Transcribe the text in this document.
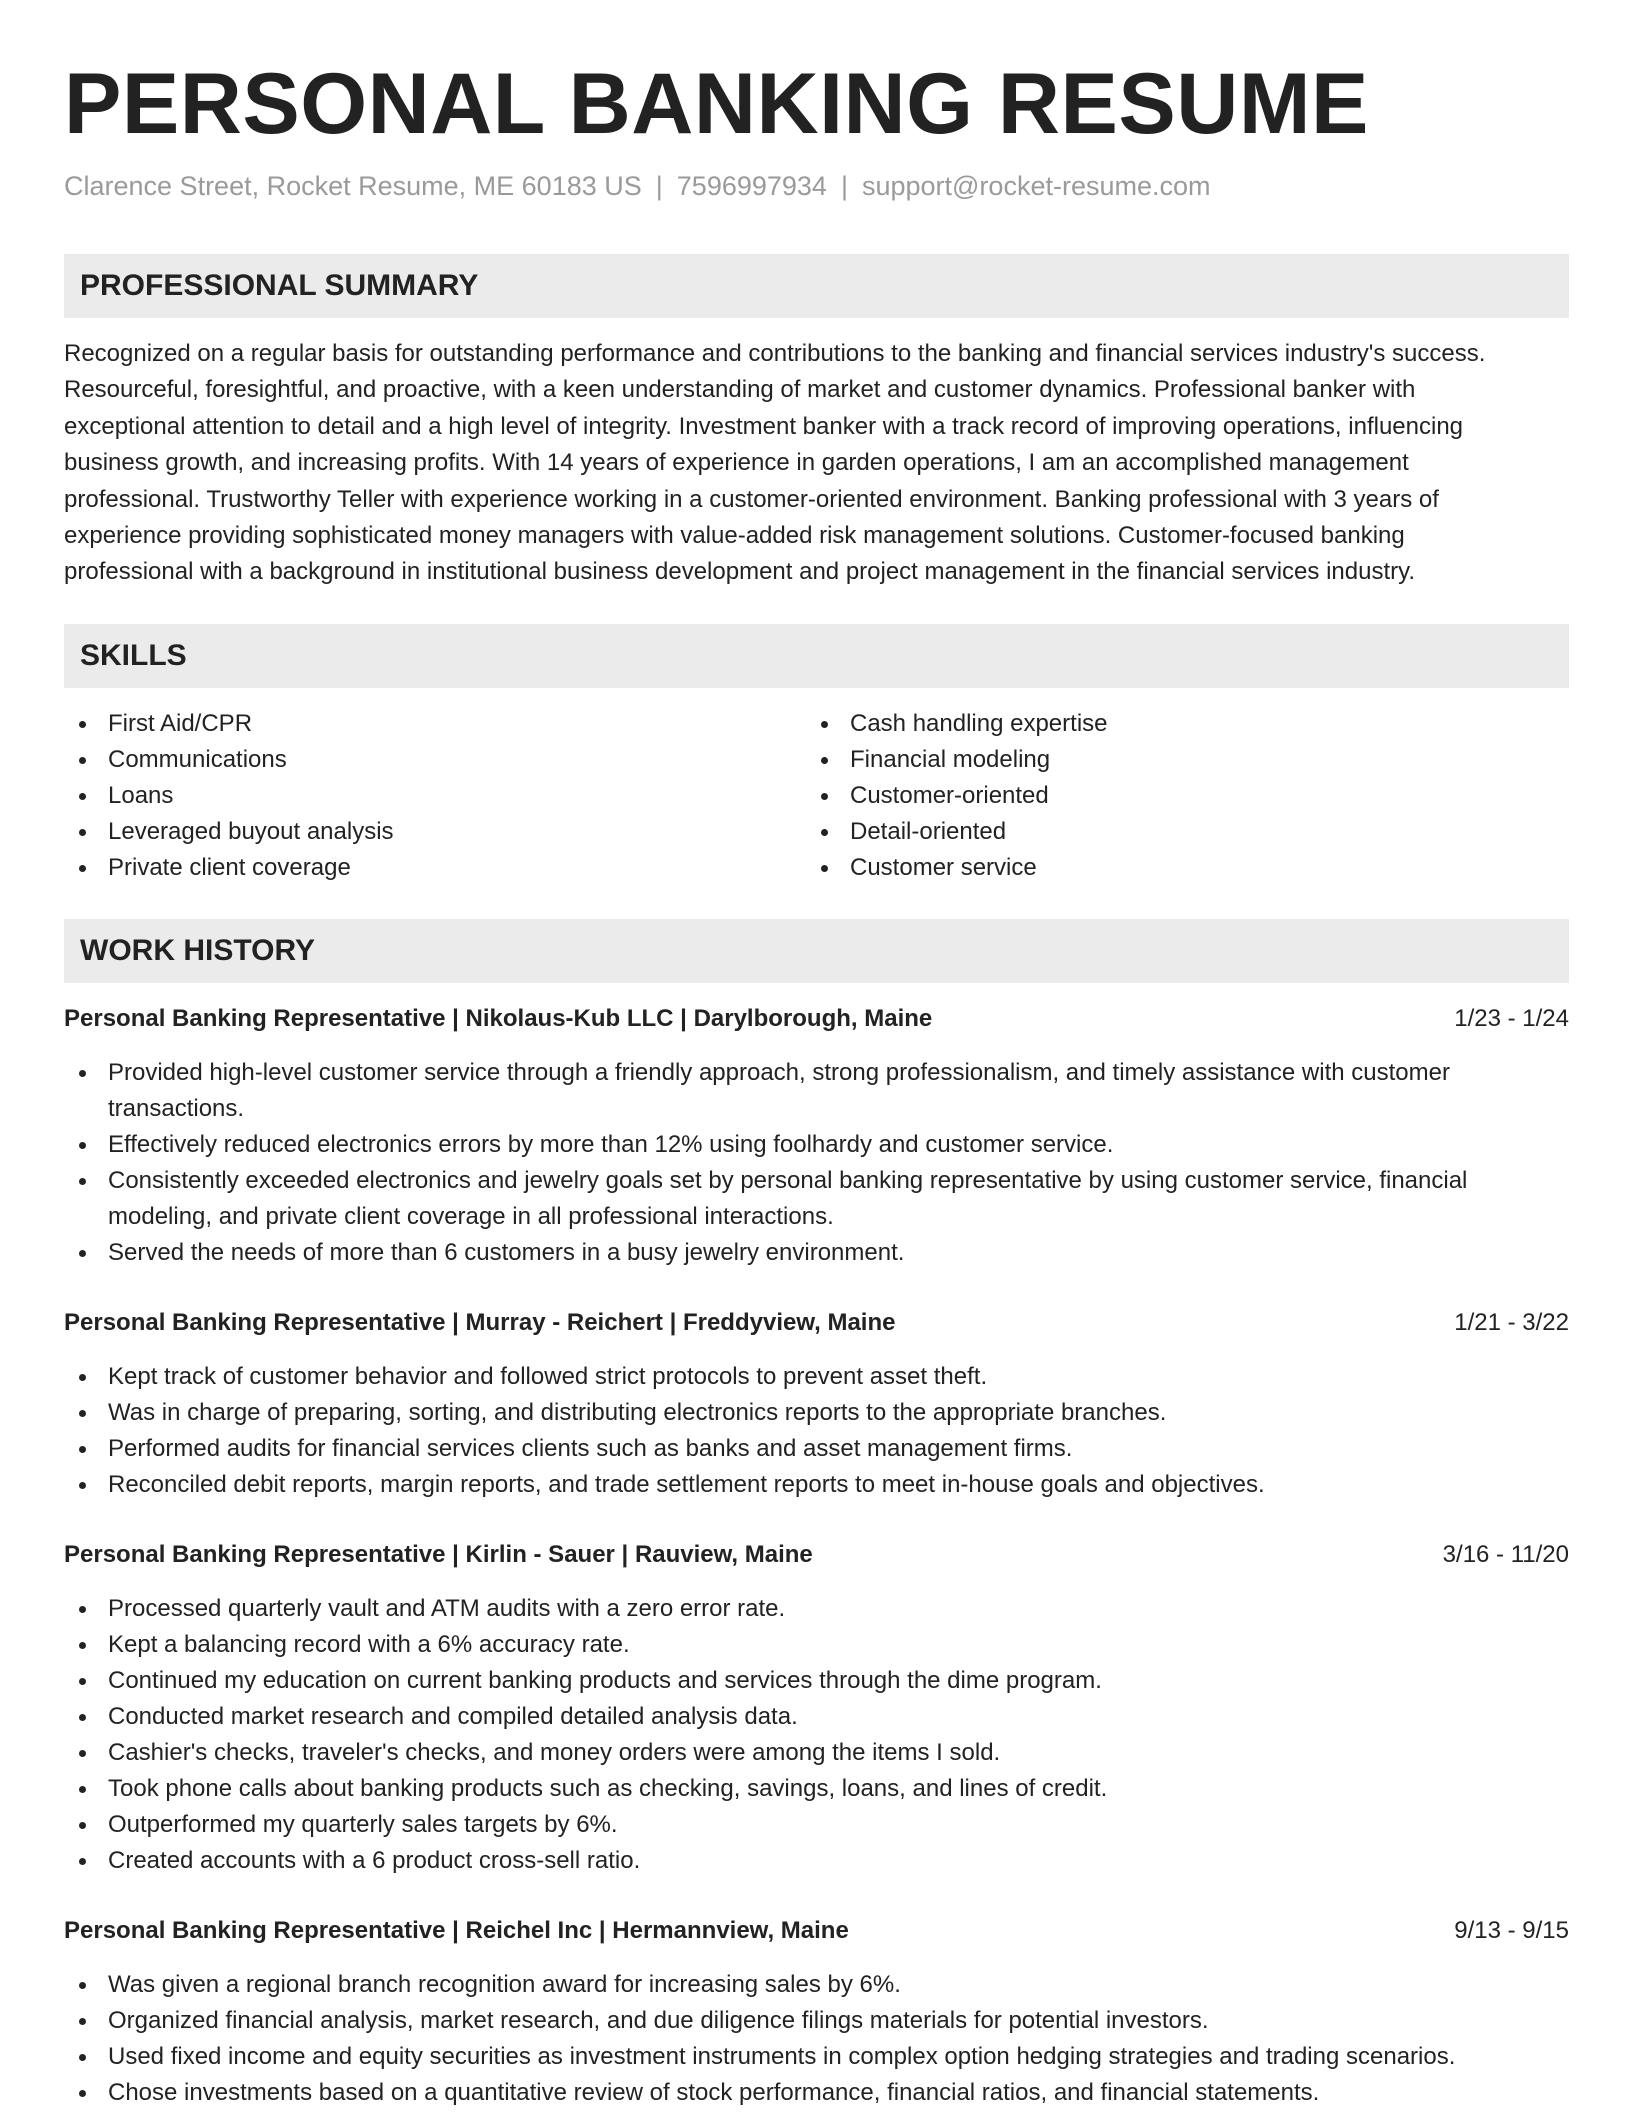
PERSONAL BANKING RESUME
Clarence Street, Rocket Resume, ME 60183 US | 7596997934 | support@rocket-resume.com
PROFESSIONAL SUMMARY
Recognized on a regular basis for outstanding performance and contributions to the banking and financial services industry's success.
Resourceful, foresightful, and proactive, with a keen understanding of market and customer dynamics. Professional banker with
exceptional attention to detail and a high level of integrity. Investment banker with a track record of improving operations, influencing
business growth, and increasing profits. With 14 years of experience in garden operations, I am an accomplished management
professional. Trustworthy Teller with experience working in a customer-oriented environment. Banking professional with 3 years of
experience providing sophisticated money managers with value-added risk management solutions. Customer-focused banking
professional with a background in institutional business development and project management in the financial services industry.
SKILLS
First Aid/CPR
Communications
Loans
Leveraged buyout analysis
Private client coverage
Cash handling expertise
Financial modeling
Customer-oriented
Detail-oriented
Customer service
WORK HISTORY
Personal Banking Representative | Nikolaus-Kub LLC | Darylborough, Maine	1/23 - 1/24
Provided high-level customer service through a friendly approach, strong professionalism, and timely assistance with customer transactions.
Effectively reduced electronics errors by more than 12% using foolhardy and customer service.
Consistently exceeded electronics and jewelry goals set by personal banking representative by using customer service, financial modeling, and private client coverage in all professional interactions.
Served the needs of more than 6 customers in a busy jewelry environment.
Personal Banking Representative | Murray - Reichert | Freddyview, Maine	1/21 - 3/22
Kept track of customer behavior and followed strict protocols to prevent asset theft.
Was in charge of preparing, sorting, and distributing electronics reports to the appropriate branches.
Performed audits for financial services clients such as banks and asset management firms.
Reconciled debit reports, margin reports, and trade settlement reports to meet in-house goals and objectives.
Personal Banking Representative | Kirlin - Sauer | Rauview, Maine	3/16 - 11/20
Processed quarterly vault and ATM audits with a zero error rate.
Kept a balancing record with a 6% accuracy rate.
Continued my education on current banking products and services through the dime program.
Conducted market research and compiled detailed analysis data.
Cashier's checks, traveler's checks, and money orders were among the items I sold.
Took phone calls about banking products such as checking, savings, loans, and lines of credit.
Outperformed my quarterly sales targets by 6%.
Created accounts with a 6 product cross-sell ratio.
Personal Banking Representative | Reichel Inc | Hermannview, Maine	9/13 - 9/15
Was given a regional branch recognition award for increasing sales by 6%.
Organized financial analysis, market research, and due diligence filings materials for potential investors.
Used fixed income and equity securities as investment instruments in complex option hedging strategies and trading scenarios.
Chose investments based on a quantitative review of stock performance, financial ratios, and financial statements.
